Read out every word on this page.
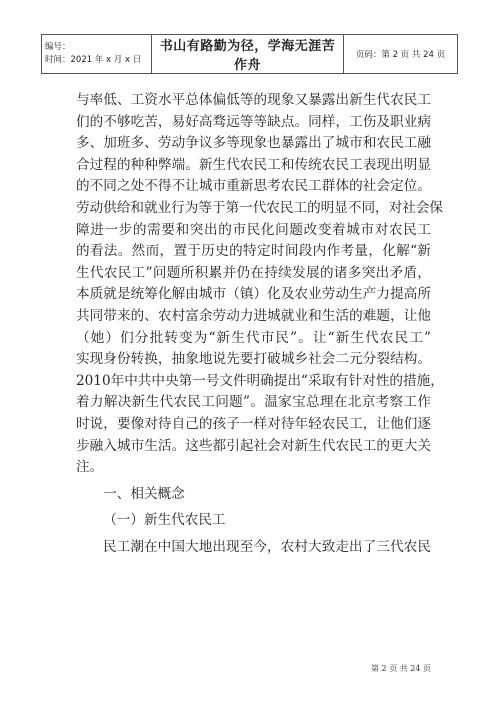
编号：
时间：2021 年 x 月 x 日
	书山有路勤为径，学海无涯苦作舟	页码：第 2 页 共 24 页

与率低、工资水平总体偏低等的现象又暴露出新生代农民工
们的不够吃苦，易好高骛远等等缺点。同样，工伤及职业病
多、加班多、劳动争议多等现象也暴露出了城市和农民工融
合过程的种种弊端。新生代农民工和传统农民工表现出明显
的不同之处不得不让城市重新思考农民工群体的社会定位。
劳动供给和就业行为等于第一代农民工的明显不同，对社会保
障进一步的需要和突出的市民化问题改变着城市对农民工
的看法。然而，置于历史的特定时间段内作考量，化解“新
生代农民工”问题所积累并仍在持续发展的诸多突出矛盾，
本质就是统筹化解由城市（镇）化及农业劳动生产力提高所
共同带来的、农村富余劳动力进城就业和生活的难题，让他
（她）们分批转变为“新生代市民”。让“新生代农民工”
实现身份转换，抽象地说先要打破城乡社会二元分裂结构。
2010年中共中央第一号文件明确提出“采取有针对性的措施，
着力解决新生代农民工问题”。温家宝总理在北京考察工作
时说，要像对待自己的孩子一样对待年轻农民工，让他们逐
步融入城市生活。这些都引起社会对新生代农民工的更大关
注。

一、相关概念

（一）新生代农民工

民工潮在中国大地出现至今，农村大致走出了三代农民

第 2 页 共 24 页
